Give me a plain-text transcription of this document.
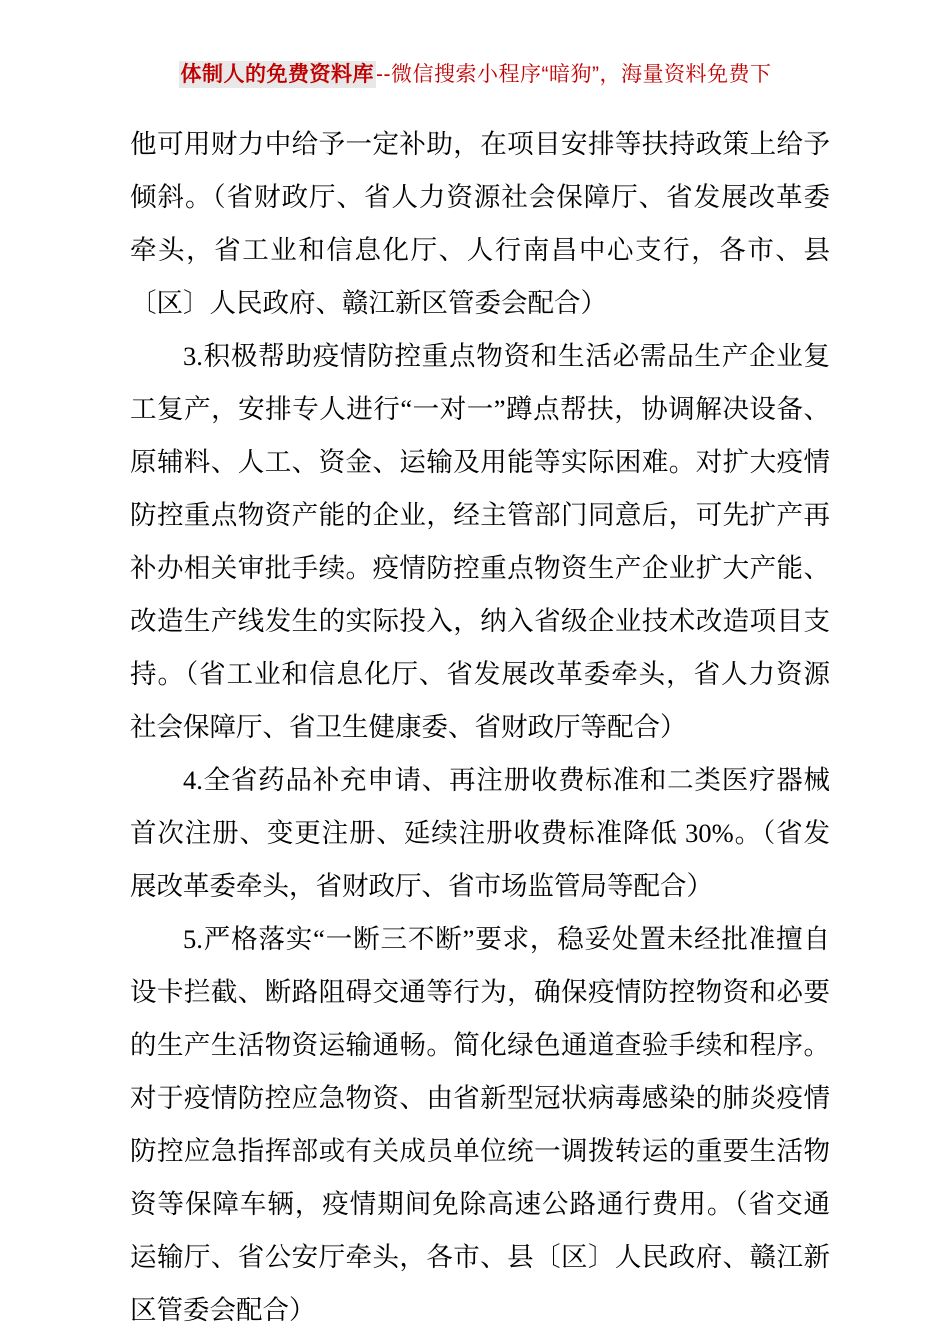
体制人的免费资料库--微信搜索小程序“暗狗”，海量资料免费下

他可用财力中给予一定补助，在项目安排等扶持政策上给予倾斜。（省财政厅、省人力资源社会保障厅、省发展改革委牵头，省工业和信息化厅、人行南昌中心支行，各市、县〔区〕人民政府、赣江新区管委会配合）

3.积极帮助疫情防控重点物资和生活必需品生产企业复工复产，安排专人进行“一对一”蹲点帮扶，协调解决设备、原辅料、人工、资金、运输及用能等实际困难。对扩大疫情防控重点物资产能的企业，经主管部门同意后，可先扩产再补办相关审批手续。疫情防控重点物资生产企业扩大产能、改造生产线发生的实际投入，纳入省级企业技术改造项目支持。（省工业和信息化厅、省发展改革委牵头，省人力资源社会保障厅、省卫生健康委、省财政厅等配合）

4.全省药品补充申请、再注册收费标准和二类医疗器械首次注册、变更注册、延续注册收费标准降低 30%。（省发展改革委牵头，省财政厅、省市场监管局等配合）

5.严格落实“一断三不断”要求，稳妥处置未经批准擅自设卡拦截、断路阻碍交通等行为，确保疫情防控物资和必要的生产生活物资运输通畅。简化绿色通道查验手续和程序。对于疫情防控应急物资、由省新型冠状病毒感染的肺炎疫情防控应急指挥部或有关成员单位统一调拨转运的重要生活物资等保障车辆，疫情期间免除高速公路通行费用。（省交通运输厅、省公安厅牵头，各市、县〔区〕人民政府、赣江新区管委会配合）
